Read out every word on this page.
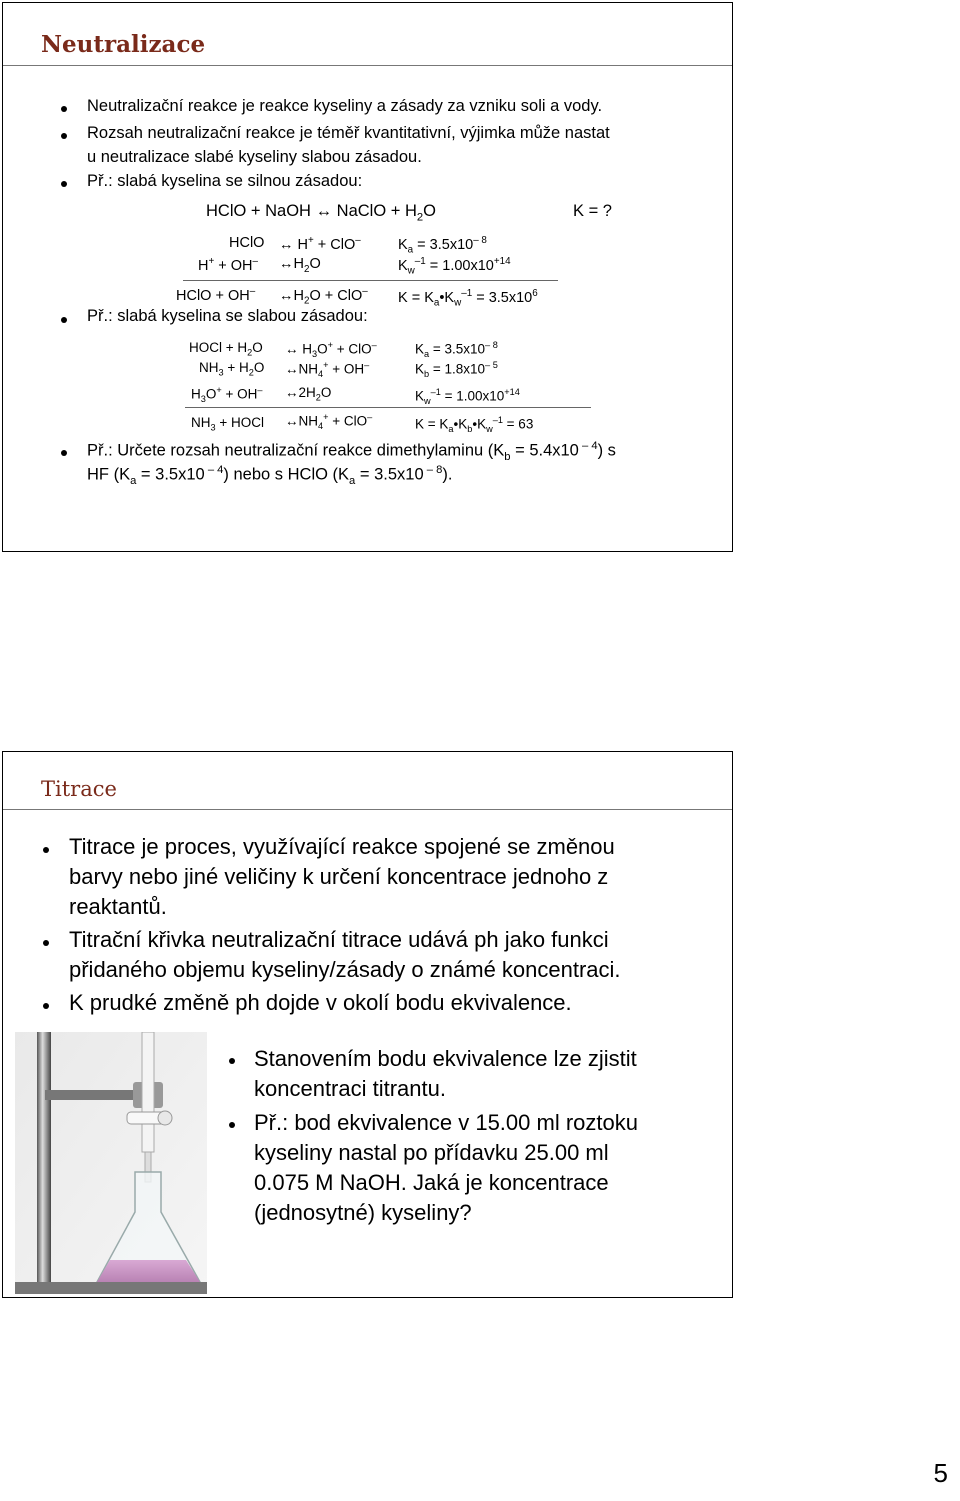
Neutralizace
Neutralizační reakce je reakce kyseliny a zásady za vzniku soli a vody.
Rozsah neutralizační reakce je téměř kvantitativní, výjimka může nastat
u neutralizace slabé kyseliny slabou zásadou.
Př.: slabá kyselina se silnou zásadou:
HClO + NaOH ↔ NaClO + $H_2O$	K = ?
HClO ↔ H+ + ClO–	$K_a = 3.5x10^{- 8}$
H+ + OH– $\leftrightarrow H_2O$	$K_w^{-1} = 1.00x10^{+14}$
HClO + OH– $\leftrightarrow H_2O + ClO^-$ $K = K_a•K_w^{-1} = 3.5x10^6$
Př.: slabá kyselina se slabou zásadou:
HOCl + $H_2O$ ↔ $H_3O^+ + ClO^-$	$K_a = 3.5x10^{- 8}$
$NH_3 + H_2O$ $\leftrightarrow NH_4^+ + OH^-$	$K_b = 1.8x10^{- 5}$
$H_3O^+ + OH^-$ $\leftrightarrow 2H_2O$	$K_w^{-1} = 1.00x10^{+14}$
$NH_3$ + HOCl $\leftrightarrow NH_4^+ + ClO^-$	$K = K_a•K_b•K_w^{-1} = 63$
Př.: Určete rozsah neutralizační reakce dimethylaminu ($K_b = 5.4x10$ $^{- 4}$) s
HF ($K_a = 3.5x10$ $^{- 4}$) nebo s HClO ($K_a = 3.5x10$ $^{- 8}$).
Titrace
Titrace je proces, využívající reakce spojené se změnou
barvy nebo jiné veličiny k určení koncentrace jednoho z
reaktantů.
Titrační křivka neutralizační titrace udává ph jako funkci
přidaného objemu kyseliny/zásady o známé koncentraci.
K prudké změně ph dojde v okolí bodu ekvivalence.
Stanovením bodu ekvivalence lze zjistit
koncentraci titrantu.
Př.: bod ekvivalence v 15.00 ml roztoku
kyseliny nastal po přídavku 25.00 ml
0.075 M NaOH. Jaká je koncentrace
(jednosytné) kyseliny?
5
